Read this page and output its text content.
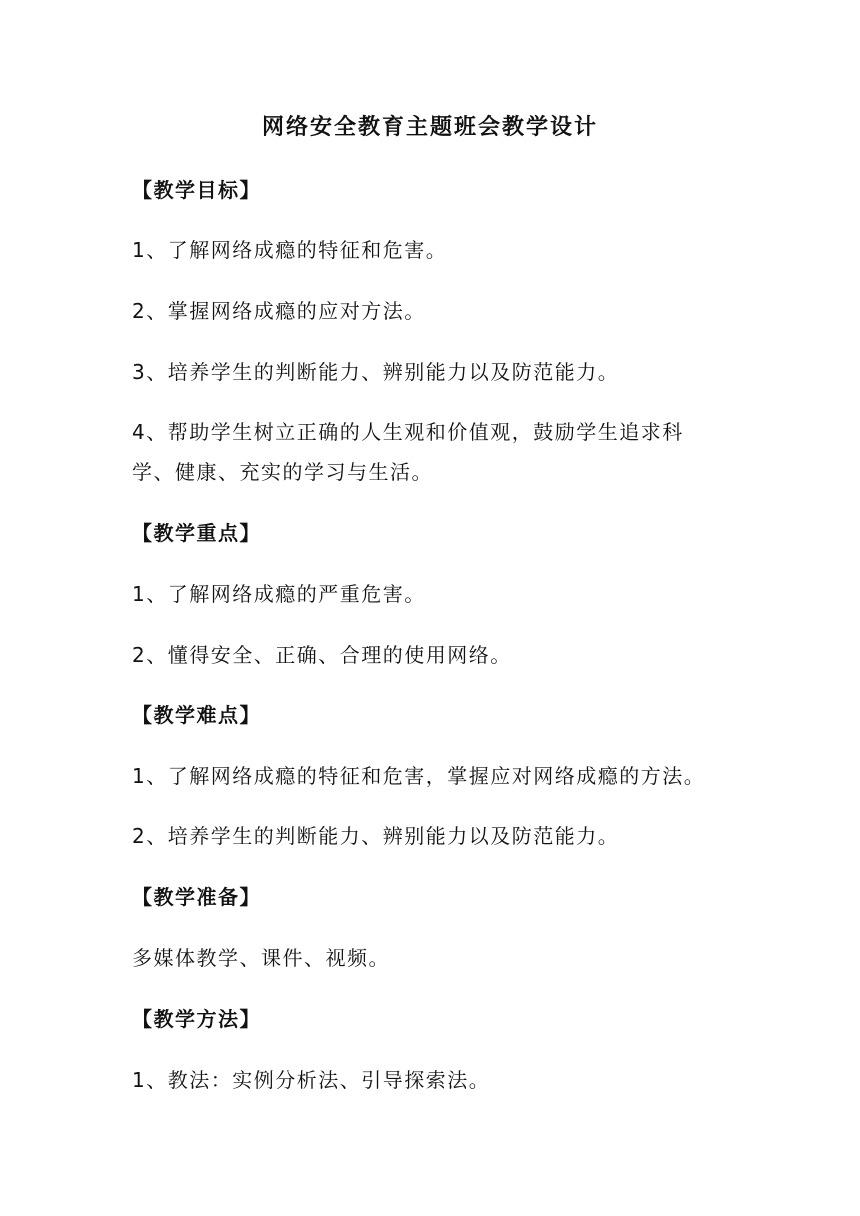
网络安全教育主题班会教学设计
【教学目标】
1、了解网络成瘾的特征和危害。
2、掌握网络成瘾的应对方法。
3、培养学生的判断能力、辨别能力以及防范能力。
4、帮助学生树立正确的人生观和价值观，鼓励学生追求科
学、健康、充实的学习与生活。
【教学重点】
1、了解网络成瘾的严重危害。
2、懂得安全、正确、合理的使用网络。
【教学难点】
1、了解网络成瘾的特征和危害，掌握应对网络成瘾的方法。
2、培养学生的判断能力、辨别能力以及防范能力。
【教学准备】
多媒体教学、课件、视频。
【教学方法】
1、教法：实例分析法、引导探索法。
